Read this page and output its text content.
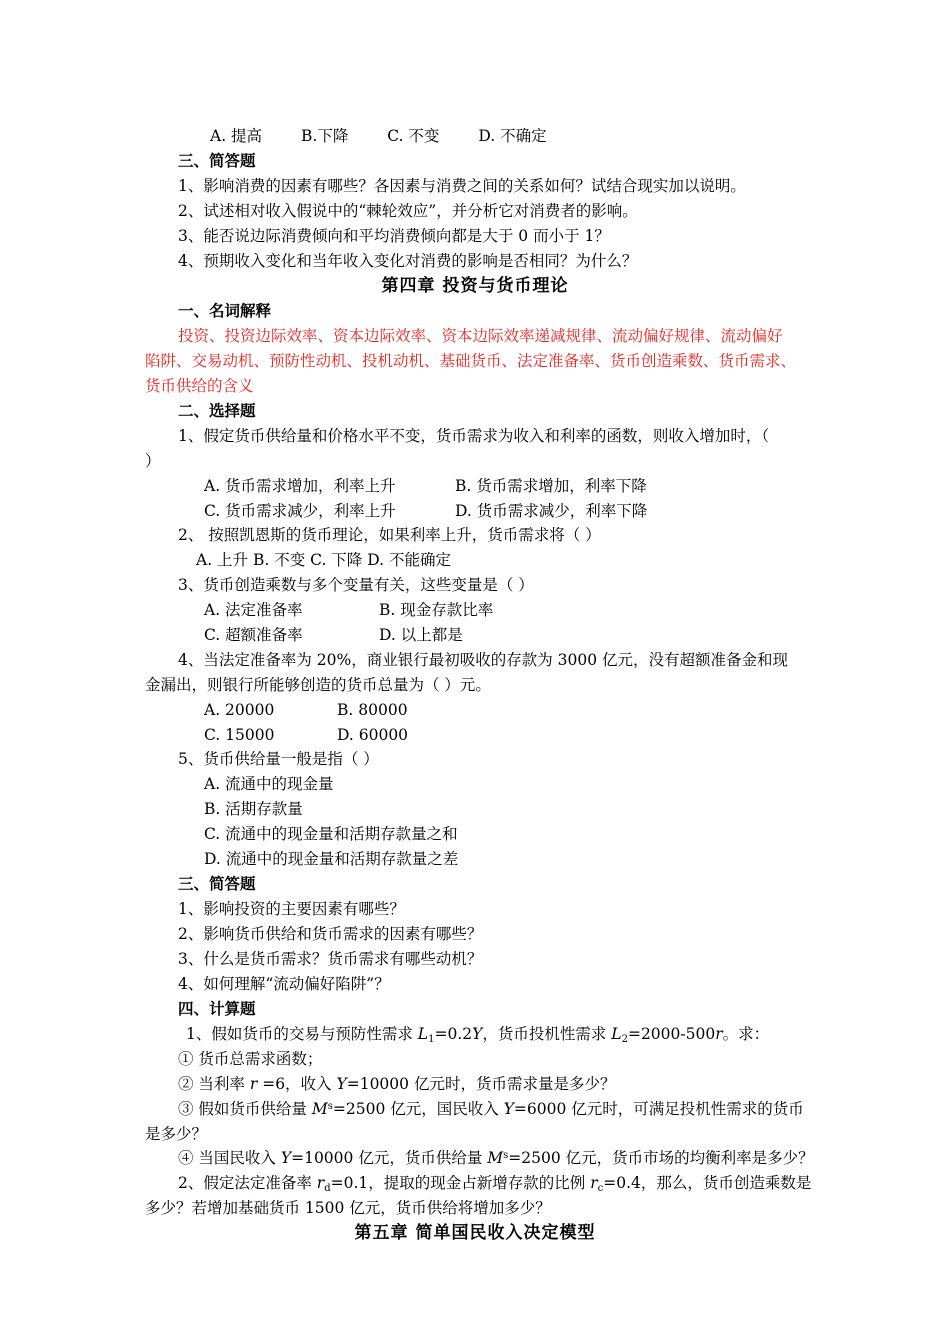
A. 提高	B.下降	C. 不变	D. 不确定
三、简答题
1、影响消费的因素有哪些？各因素与消费之间的关系如何？试结合现实加以说明。
2、试述相对收入假说中的“棘轮效应”，并分析它对消费者的影响。
3、能否说边际消费倾向和平均消费倾向都是大于 0 而小于 1？
4、预期收入变化和当年收入变化对消费的影响是否相同？为什么？
第四章 投资与货币理论
一、名词解释
投资、投资边际效率、资本边际效率、资本边际效率递减规律、流动偏好规律、流动偏好
陷阱、交易动机、预防性动机、投机动机、基础货币、法定准备率、货币创造乘数、货币需求、
货币供给的含义
二、选择题
1、假定货币供给量和价格水平不变，货币需求为收入和利率的函数，则收入增加时，（
）
A. 货币需求增加，利率上升	B. 货币需求增加，利率下降
C. 货币需求减少，利率上升	D. 货币需求减少，利率下降
2、 按照凯恩斯的货币理论，如果利率上升，货币需求将（ ）
A. 上升 B. 不变 C. 下降 D. 不能确定
3、货币创造乘数与多个变量有关，这些变量是（ ）
A. 法定准备率	B. 现金存款比率
C. 超额准备率	D. 以上都是
4、当法定准备率为 20%，商业银行最初吸收的存款为 3000 亿元，没有超额准备金和现
金漏出，则银行所能够创造的货币总量为（ ）元。
A. 20000	B. 80000
C. 15000	D. 60000
5、货币供给量一般是指（ ）
A. 流通中的现金量
B. 活期存款量
C. 流通中的现金量和活期存款量之和
D. 流通中的现金量和活期存款量之差
三、简答题
1、影响投资的主要因素有哪些？
2、影响货币供给和货币需求的因素有哪些？
3、什么是货币需求？货币需求有哪些动机？
4、如何理解“流动偏好陷阱”？
四、计算题
1、假如货币的交易与预防性需求 $L_1=0.2Y$，货币投机性需求 $L_2=2000-500r$。求：
① 货币总需求函数；
② 当利率 r =6，收入 Y=10000 亿元时，货币需求量是多少？
③ 假如货币供给量 $M^s=2500$ 亿元，国民收入 Y=6000 亿元时，可满足投机性需求的货币
是多少？
④ 当国民收入 Y=10000 亿元，货币供给量 $M^s=2500$ 亿元，货币市场的均衡利率是多少？
2、假定法定准备率 $r_d=0.1$，提取的现金占新增存款的比例 $r_c=0.4$，那么，货币创造乘数是
多少？若增加基础货币 1500 亿元，货币供给将增加多少？
第五章 简单国民收入决定模型
